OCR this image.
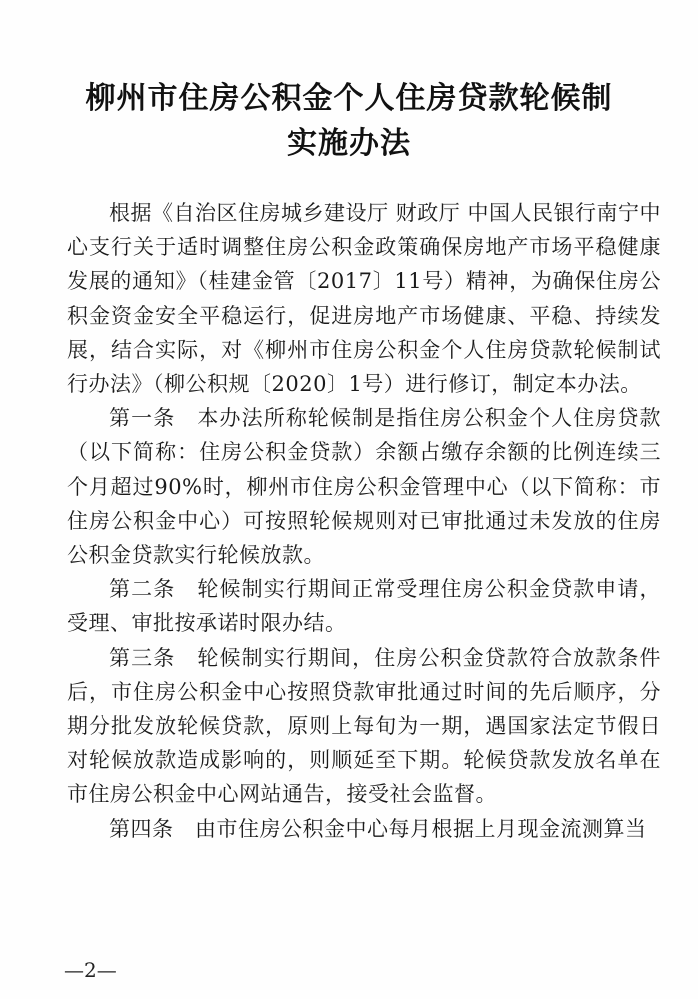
柳州市住房公积金个人住房贷款轮候制
实施办法

根据《自治区住房城乡建设厅 财政厅 中国人民银行南宁中心支行关于适时调整住房公积金政策确保房地产市场平稳健康发展的通知》（桂建金管〔2017〕11号）精神，为确保住房公积金资金安全平稳运行，促进房地产市场健康、平稳、持续发展，结合实际，对《柳州市住房公积金个人住房贷款轮候制试行办法》（柳公积规〔2020〕1号）进行修订，制定本办法。

第一条　本办法所称轮候制是指住房公积金个人住房贷款（以下简称：住房公积金贷款）余额占缴存余额的比例连续三个月超过90%时，柳州市住房公积金管理中心（以下简称：市住房公积金中心）可按照轮候规则对已审批通过未发放的住房公积金贷款实行轮候放款。

第二条　轮候制实行期间正常受理住房公积金贷款申请，受理、审批按承诺时限办结。

第三条　轮候制实行期间，住房公积金贷款符合放款条件后，市住房公积金中心按照贷款审批通过时间的先后顺序，分期分批发放轮候贷款，原则上每旬为一期，遇国家法定节假日对轮候放款造成影响的，则顺延至下期。轮候贷款发放名单在市住房公积金中心网站通告，接受社会监督。

第四条　由市住房公积金中心每月根据上月现金流测算当

—2—
